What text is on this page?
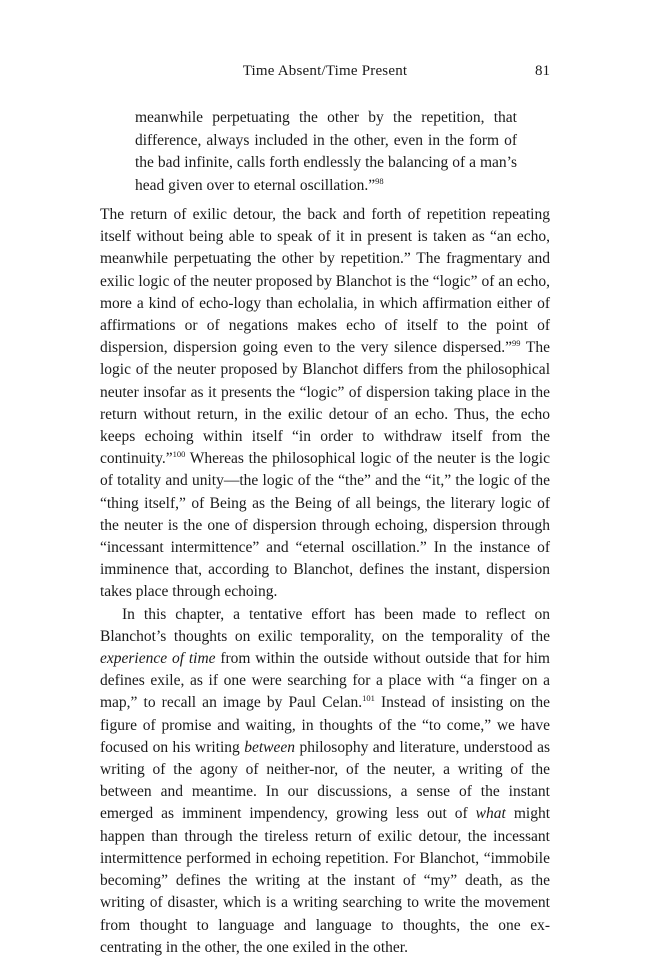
Time Absent/Time Present	81
meanwhile perpetuating the other by the repetition, that difference, always included in the other, even in the form of the bad infinite, calls forth endlessly the balancing of a man’s head given over to eternal oscillation.”$^{98}$

The return of exilic detour, the back and forth of repetition repeating itself without being able to speak of it in present is taken as “an echo, meanwhile perpetuating the other by repetition.” The fragmentary and exilic logic of the neuter proposed by Blanchot is the “logic” of an echo, more a kind of echo-logy than echolalia, in which affirmation either of affirmations or of negations makes echo of itself to the point of dispersion, dispersion going even to the very silence dispersed.”$^{99}$ The logic of the neuter proposed by Blanchot differs from the philosophical neuter insofar as it presents the “logic” of dispersion taking place in the return without return, in the exilic detour of an echo. Thus, the echo keeps echoing within itself “in order to withdraw itself from the continuity.”$^{100}$ Whereas the philosophical logic of the neuter is the logic of totality and unity—the logic of the “the” and the “it,” the logic of the “thing itself,” of Being as the Being of all beings, the literary logic of the neuter is the one of dispersion through echoing, dispersion through “incessant intermittence” and “eternal oscillation.” In the instance of imminence that, according to Blanchot, defines the instant, dispersion takes place through echoing.

In this chapter, a tentative effort has been made to reflect on Blanchot’s thoughts on exilic temporality, on the temporality of the experience of time from within the outside without outside that for him defines exile, as if one were searching for a place with “a finger on a map,” to recall an image by Paul Celan.$^{101}$ Instead of insisting on the figure of promise and waiting, in thoughts of the “to come,” we have focused on his writing between philosophy and literature, understood as writing of the agony of neither-nor, of the neuter, a writing of the between and meantime. In our discussions, a sense of the instant emerged as imminent impendency, growing less out of what might happen than through the tireless return of exilic detour, the incessant intermittence performed in echoing repetition. For Blanchot, “immobile becoming” defines the writing at the instant of “my” death, as the writing of disaster, which is a writing searching to write the movement from thought to language and language to thoughts, the one ex-centrating in the other, the one exiled in the other.
